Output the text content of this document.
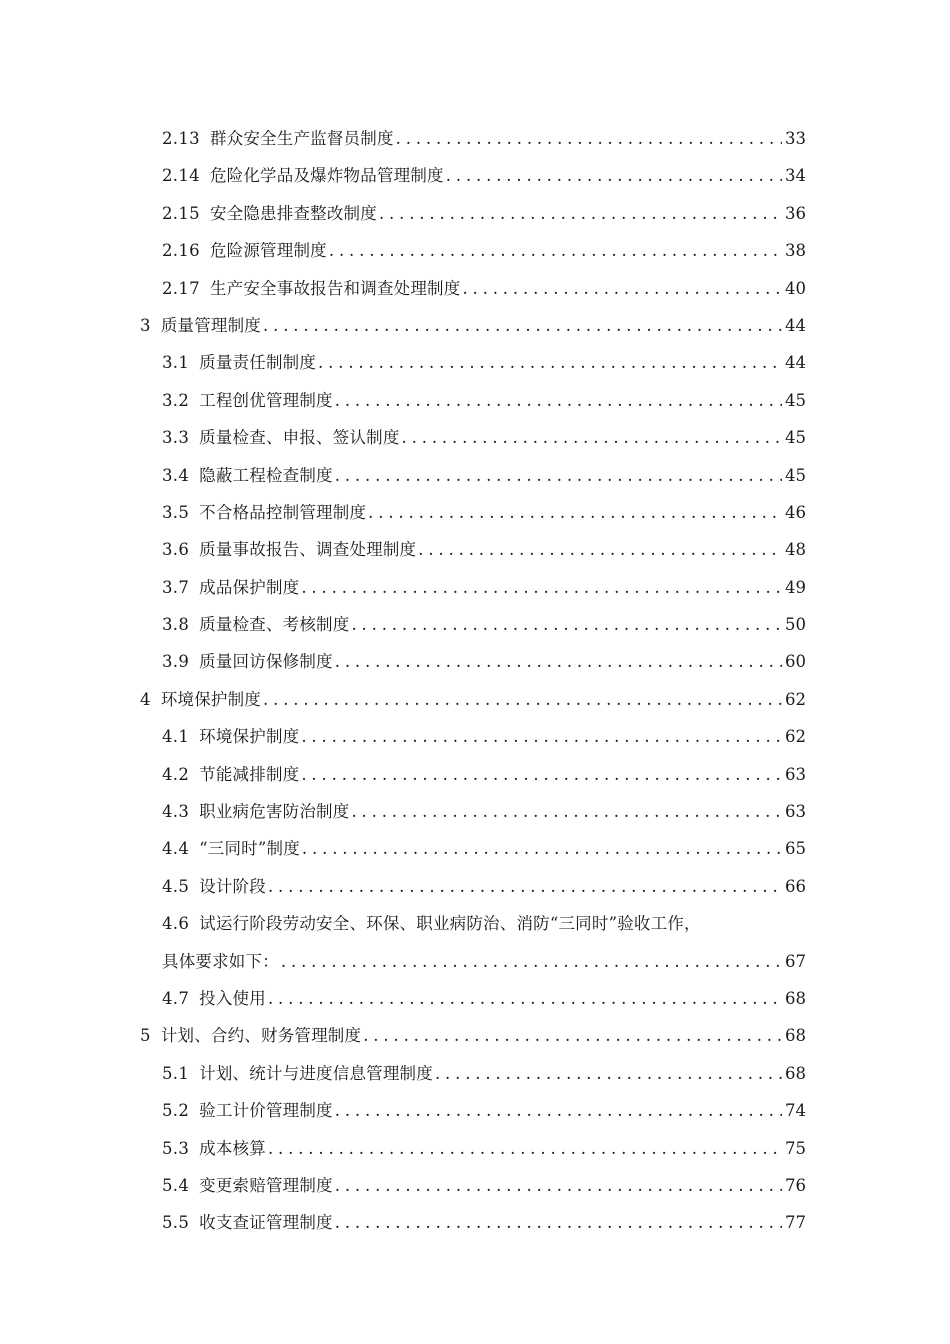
2.13 群众安全生产监督员制度 . . .	33
2.14 危险化学品及爆炸物品管理制度 . . .	34
2.15 安全隐患排查整改制度 . . .	36
2.16 危险源管理制度 . . .	38
2.17 生产安全事故报告和调查处理制度 . . .	40
3 质量管理制度 . . .	44
3.1 质量责任制制度 . . .	44
3.2 工程创优管理制度 . . .	45
3.3 质量检查、申报、签认制度 . . .	45
3.4 隐蔽工程检查制度 . . .	45
3.5 不合格品控制管理制度 . . .	46
3.6 质量事故报告、调查处理制度 . . .	48
3.7 成品保护制度 . . .	49
3.8 质量检查、考核制度 . . .	50
3.9 质量回访保修制度 . . .	60
4 环境保护制度 . . .	62
4.1 环境保护制度 . . .	62
4.2 节能减排制度 . . .	63
4.3 职业病危害防治制度 . . .	63
4.4 “三同时”制度 . . .	65
4.5 设计阶段 . . .	66
4.6 试运行阶段劳动安全、环保、职业病防治、消防“三同时”验收工作，
具体要求如下： . . .	67
4.7 投入使用 . . .	68
5 计划、合约、财务管理制度 . . .	68
5.1 计划、统计与进度信息管理制度 . . .	68
5.2 验工计价管理制度 . . .	74
5.3 成本核算 . . .	75
5.4 变更索赔管理制度 . . .	76
5.5 收支查证管理制度 . . .	77
